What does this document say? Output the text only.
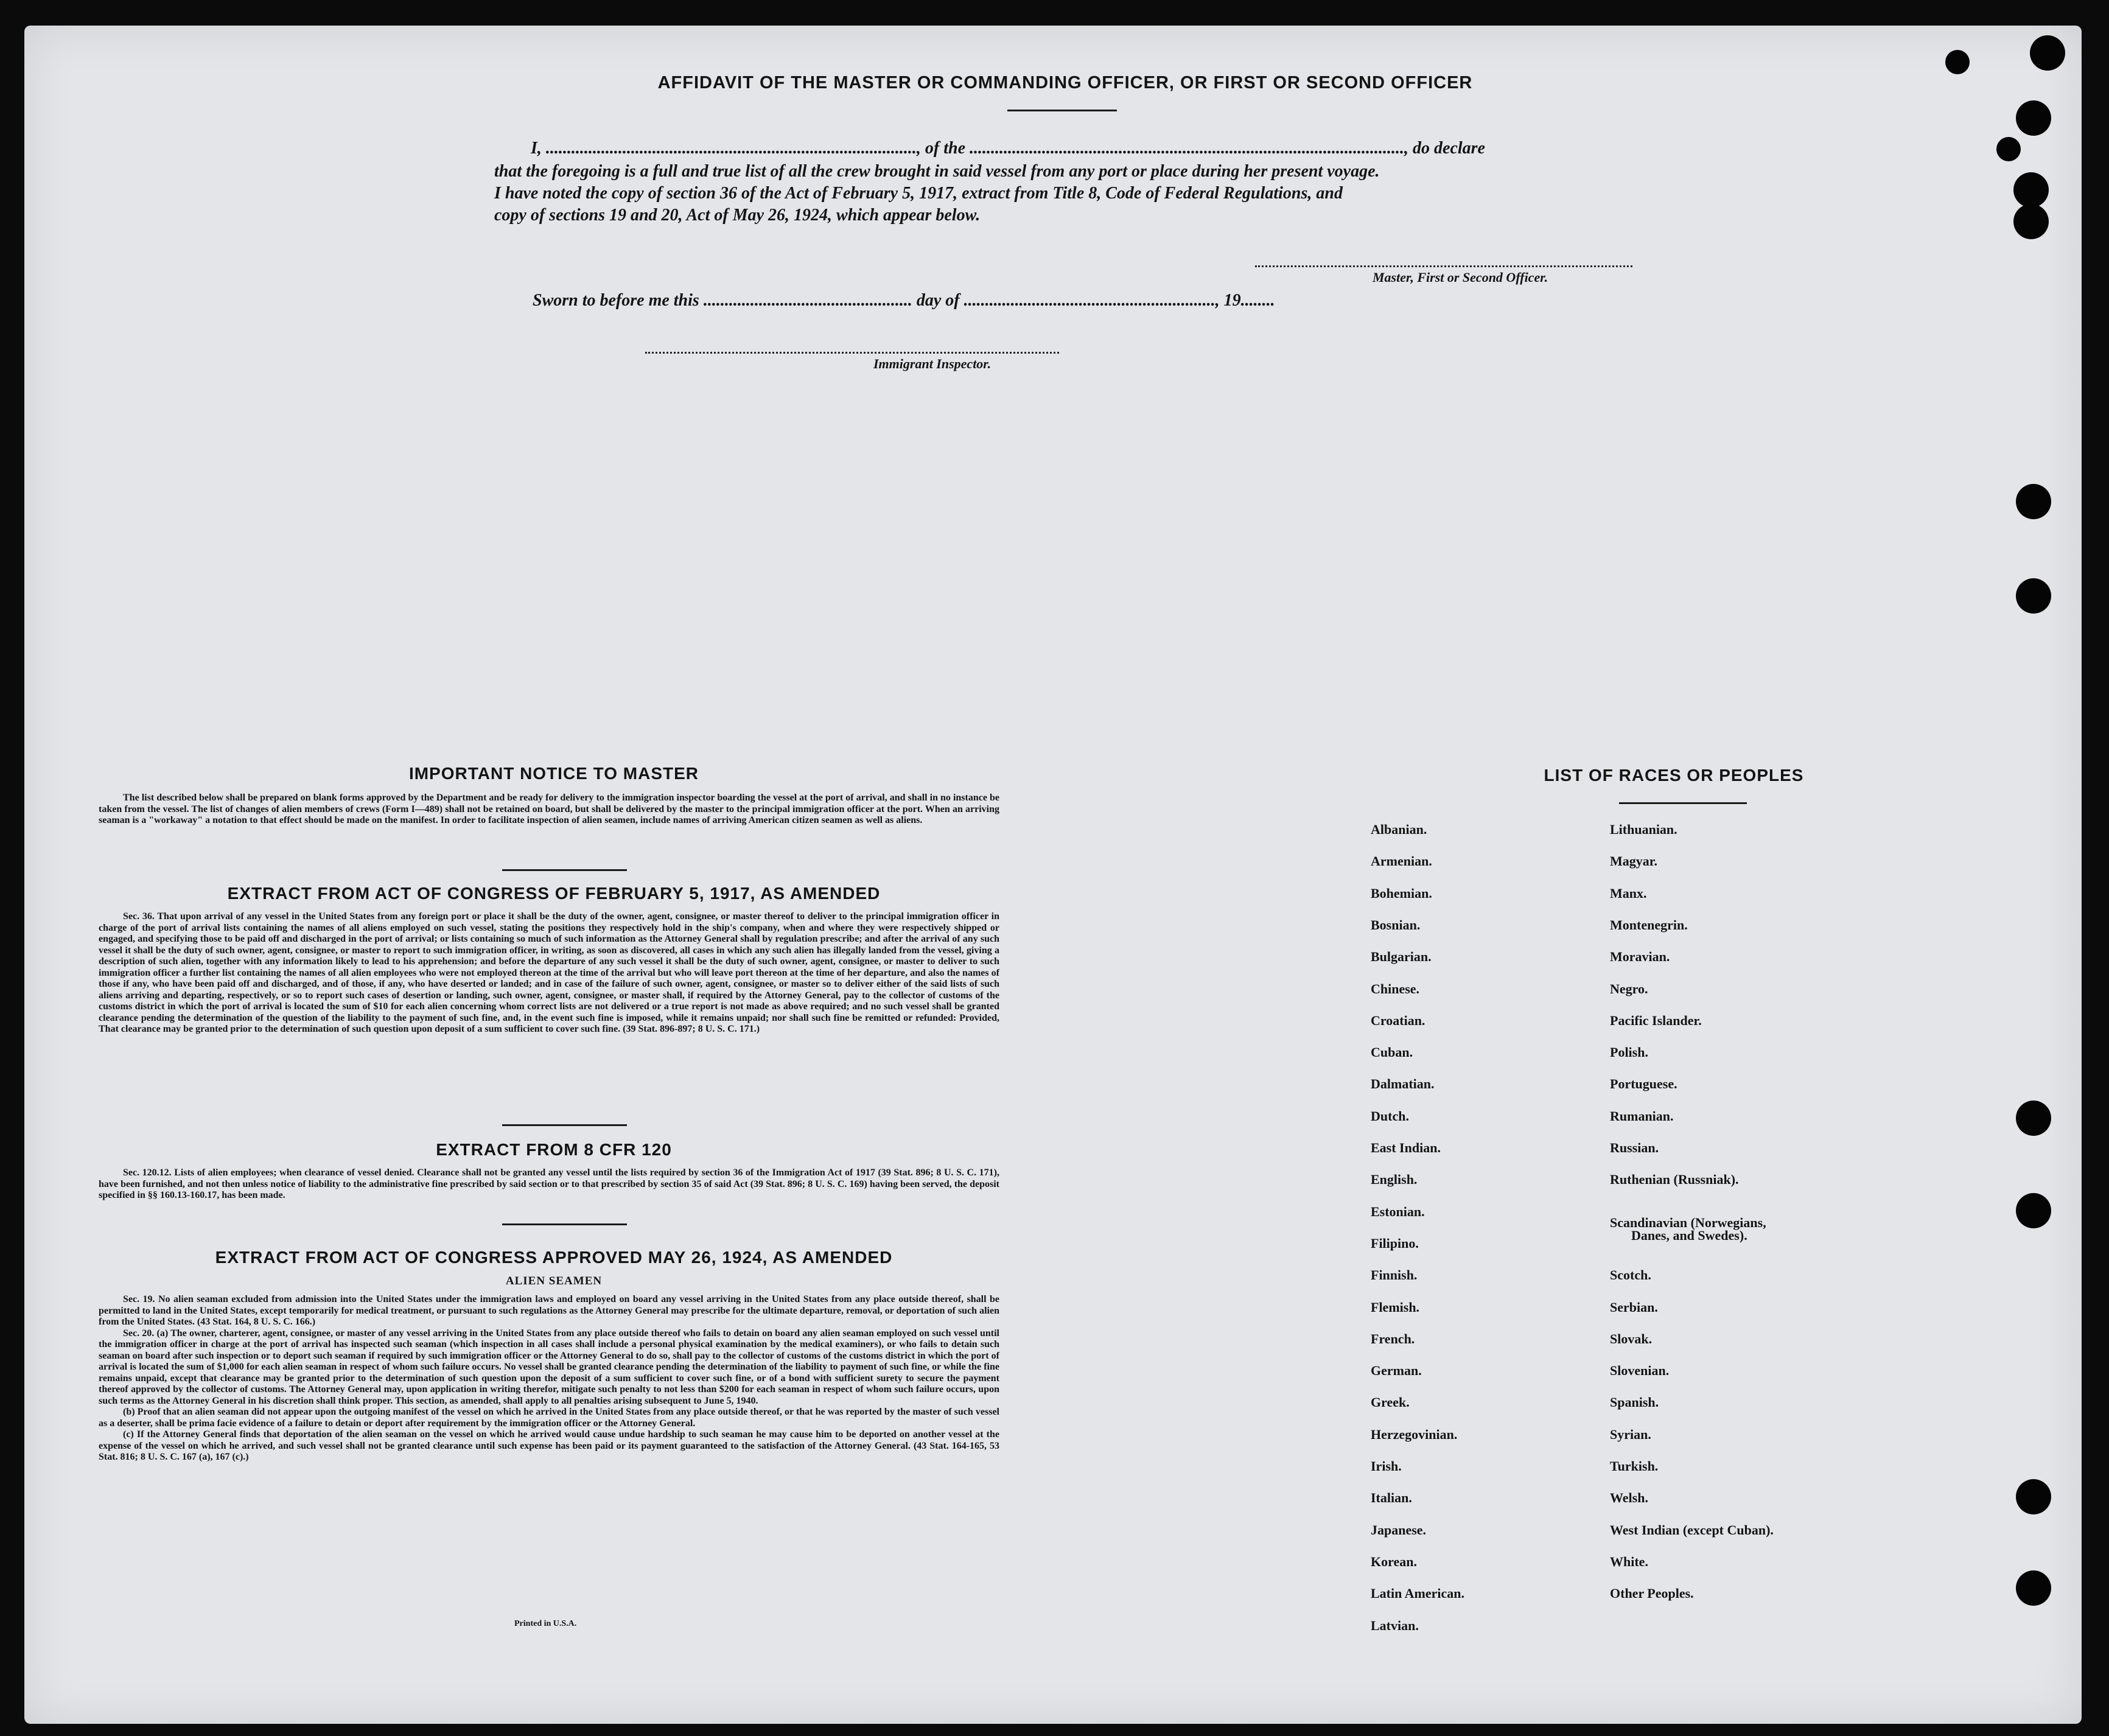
AFFIDAVIT OF THE MASTER OR COMMANDING OFFICER, OR FIRST OR SECOND OFFICER
I, ......................................................................................., of the ......................................................................................................, do declare
that the foregoing is a full and true list of all the crew brought in said vessel from any port or place during her present voyage.
I have noted the copy of section 36 of the Act of February 5, 1917, extract from Title 8, Code of Federal Regulations, and
copy of sections 19 and 20, Act of May 26, 1924, which appear below.
Master, First or Second Officer.
Sworn to before me this ................................................. day of ..........................................................., 19........
Immigrant Inspector.
IMPORTANT NOTICE TO MASTER

The list described below shall be prepared on blank forms approved by the Department and be ready for delivery to the immigration inspector boarding the vessel at the port of arrival, and shall in no instance be taken from the vessel. The list of changes of alien members of crews (Form I—489) shall not be retained on board, but shall be delivered by the master to the principal immigration officer at the port. When an arriving seaman is a "workaway" a notation to that effect should be made on the manifest. In order to facilitate inspection of alien seamen, include names of arriving American citizen seamen as well as aliens.

EXTRACT FROM ACT OF CONGRESS OF FEBRUARY 5, 1917, AS AMENDED

Sec. 36. That upon arrival of any vessel in the United States from any foreign port or place it shall be the duty of the owner, agent, consignee, or master thereof to deliver to the principal immigration officer in charge of the port of arrival lists containing the names of all aliens employed on such vessel, stating the positions they respectively hold in the ship's company, when and where they were respectively shipped or engaged, and specifying those to be paid off and discharged in the port of arrival; or lists containing so much of such information as the Attorney General shall by regulation prescribe; and after the arrival of any such vessel it shall be the duty of such owner, agent, consignee, or master to report to such immigration officer, in writing, as soon as discovered, all cases in which any such alien has illegally landed from the vessel, giving a description of such alien, together with any information likely to lead to his apprehension; and before the departure of any such vessel it shall be the duty of such owner, agent, consignee, or master to deliver to such immigration officer a further list containing the names of all alien employees who were not employed thereon at the time of the arrival but who will leave port thereon at the time of her departure, and also the names of those if any, who have been paid off and discharged, and of those, if any, who have deserted or landed; and in case of the failure of such owner, agent, consignee, or master so to deliver either of the said lists of such aliens arriving and departing, respectively, or so to report such cases of desertion or landing, such owner, agent, consignee, or master shall, if required by the Attorney General, pay to the collector of customs of the customs district in which the port of arrival is located the sum of $10 for each alien concerning whom correct lists are not delivered or a true report is not made as above required; and no such vessel shall be granted clearance pending the determination of the question of the liability to the payment of such fine, and, in the event such fine is imposed, while it remains unpaid; nor shall such fine be remitted or refunded: Provided, That clearance may be granted prior to the determination of such question upon deposit of a sum sufficient to cover such fine. (39 Stat. 896-897; 8 U. S. C. 171.)

EXTRACT FROM 8 CFR 120

Sec. 120.12. Lists of alien employees; when clearance of vessel denied. Clearance shall not be granted any vessel until the lists required by section 36 of the Immigration Act of 1917 (39 Stat. 896; 8 U. S. C. 171), have been furnished, and not then unless notice of liability to the administrative fine prescribed by said section or to that prescribed by section 35 of said Act (39 Stat. 896; 8 U. S. C. 169) having been served, the deposit specified in §§ 160.13-160.17, has been made.

EXTRACT FROM ACT OF CONGRESS APPROVED MAY 26, 1924, AS AMENDED
ALIEN SEAMEN

Sec. 19. No alien seaman excluded from admission into the United States under the immigration laws and employed on board any vessel arriving in the United States from any place outside thereof, shall be permitted to land in the United States, except temporarily for medical treatment, or pursuant to such regulations as the Attorney General may prescribe for the ultimate departure, removal, or deportation of such alien from the United States. (43 Stat. 164, 8 U. S. C. 166.)

Sec. 20. (a) The owner, charterer, agent, consignee, or master of any vessel arriving in the United States from any place outside thereof who fails to detain on board any alien seaman employed on such vessel until the immigration officer in charge at the port of arrival has inspected such seaman (which inspection in all cases shall include a personal physical examination by the medical examiners), or who fails to detain such seaman on board after such inspection or to deport such seaman if required by such immigration officer or the Attorney General to do so, shall pay to the collector of customs of the customs district in which the port of arrival is located the sum of $1,000 for each alien seaman in respect of whom such failure occurs. No vessel shall be granted clearance pending the determination of the liability to payment of such fine, or while the fine remains unpaid, except that clearance may be granted prior to the determination of such question upon the deposit of a sum sufficient to cover such fine, or of a bond with sufficient surety to secure the payment thereof approved by the collector of customs. The Attorney General may, upon application in writing therefor, mitigate such penalty to not less than $200 for each seaman in respect of whom such failure occurs, upon such terms as the Attorney General in his discretion shall think proper. This section, as amended, shall apply to all penalties arising subsequent to June 5, 1940.

(b) Proof that an alien seaman did not appear upon the outgoing manifest of the vessel on which he arrived in the United States from any place outside thereof, or that he was reported by the master of such vessel as a deserter, shall be prima facie evidence of a failure to detain or deport after requirement by the immigration officer or the Attorney General.

(c) If the Attorney General finds that deportation of the alien seaman on the vessel on which he arrived would cause undue hardship to such seaman he may cause him to be deported on another vessel at the expense of the vessel on which he arrived, and such vessel shall not be granted clearance until such expense has been paid or its payment guaranteed to the satisfaction of the Attorney General. (43 Stat. 164-165, 53 Stat. 816; 8 U. S. C. 167 (a), 167 (c).)

Printed in U.S.A.
LIST OF RACES OR PEOPLES
Albanian.
Armenian.
Bohemian.
Bosnian.
Bulgarian.
Chinese.
Croatian.
Cuban.
Dalmatian.
Dutch.
East Indian.
English.
Estonian.
Filipino.
Finnish.
Flemish.
French.
German.
Greek.
Herzegovinian.
Irish.
Italian.
Japanese.
Korean.
Latin American.
Latvian.
Lithuanian.
Magyar.
Manx.
Montenegrin.
Moravian.
Negro.
Pacific Islander.
Polish.
Portuguese.
Rumanian.
Russian.
Ruthenian (Russniak).
Scandinavian (Norwegians,
Danes, and Swedes).
Scotch.
Serbian.
Slovak.
Slovenian.
Spanish.
Syrian.
Turkish.
Welsh.
West Indian (except Cuban).
White.
Other Peoples.
